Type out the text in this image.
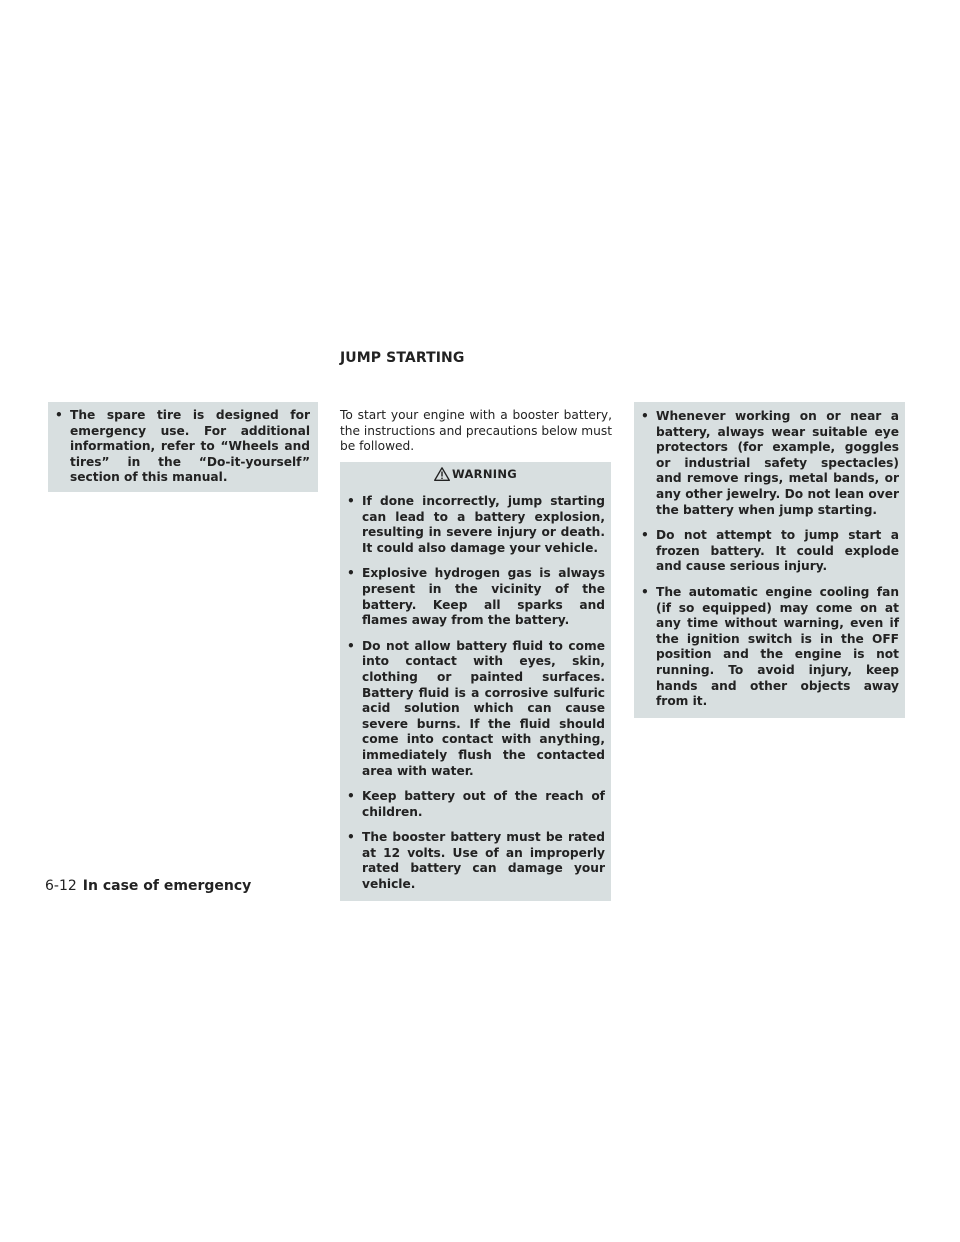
JUMP STARTING
• The spare tire is designed for emergency use. For additional information, refer to “Wheels and tires” in the “Do-it-yourself” section of this manual.
To start your engine with a booster battery, the instructions and precautions below must be followed.
WARNING
• If done incorrectly, jump starting can lead to a battery explosion, resulting in severe injury or death. It could also damage your vehicle.
• Explosive hydrogen gas is always present in the vicinity of the battery. Keep all sparks and flames away from the battery.
• Do not allow battery fluid to come into contact with eyes, skin, clothing or painted surfaces. Battery fluid is a corrosive sulfuric acid solution which can cause severe burns. If the fluid should come into contact with anything, immediately flush the contacted area with water.
• Keep battery out of the reach of children.
• The booster battery must be rated at 12 volts. Use of an improperly rated battery can damage your vehicle.
• Whenever working on or near a battery, always wear suitable eye protectors (for example, goggles or industrial safety spectacles) and remove rings, metal bands, or any other jewelry. Do not lean over the battery when jump starting.
• Do not attempt to jump start a frozen battery. It could explode and cause serious injury.
• The automatic engine cooling fan (if so equipped) may come on at any time without warning, even if the ignition switch is in the OFF position and the engine is not running. To avoid injury, keep hands and other objects away from it.
6-12 In case of emergency
